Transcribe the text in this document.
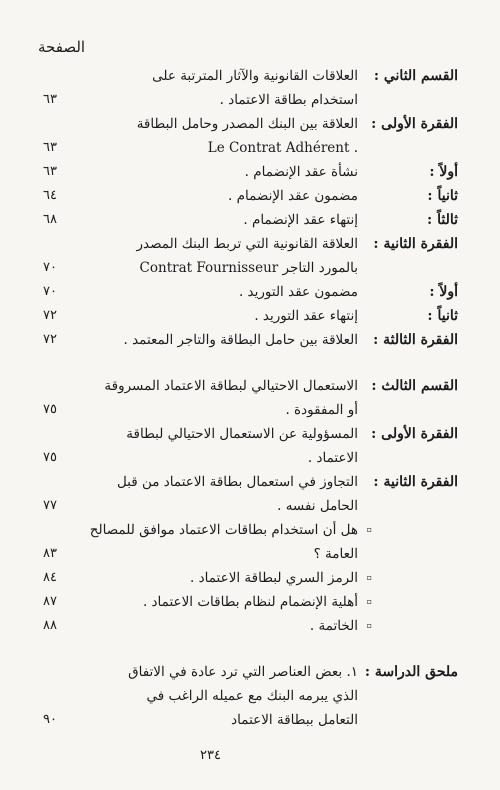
الصفحة
القسم الثاني :
العلاقات القانونية والآثار المترتبة على
استخدام بطاقة الاعتماد .
٦٣
الفقرة الأولى :
العلاقة بين البنك المصدر وحامل البطاقة
Le Contrat Adhérent .
٦٣
أولاً :
نشأة عقد الإنضمام .
٦٣
ثانياً :
مضمون عقد الإنضمام .
٦٤
ثالثاً :
إنتهاء عقد الإنضمام .
٦٨
الفقرة الثانية :
العلاقة القانونية التي تربط البنك المصدر
بالمورد التاجر Contrat Fournisseur
٧٠
أولاً :
مضمون عقد التوريد .
٧٠
ثانياً :
إنتهاء عقد التوريد .
٧٢
الفقرة الثالثة :
العلاقة بين حامل البطاقة والتاجر المعتمد .
٧٢
القسم الثالث :
الاستعمال الاحتيالي لبطاقة الاعتماد المسروقة
أو المفقودة .
٧٥
الفقرة الأولى :
المسؤولية عن الاستعمال الاحتيالي لبطاقة
الاعتماد .
٧٥
الفقرة الثانية :
التجاوز في استعمال بطاقة الاعتماد من قبل
الحامل نفسه .
٧٧
هل أن استخدام بطاقات الاعتماد موافق للمصالح ▫
العامة ؟
٨٣
الرمز السري لبطاقة الاعتماد . ▫
٨٤
أهلية الإنضمام لنظام بطاقات الاعتماد . ▫
٨٧
الخاتمة . ▫
٨٨
ملحق الدراسة :
١. بعض العناصر التي ترد عادة في الاتفاق
الذي يبرمه البنك مع عميله الراغب في
التعامل ببطاقة الاعتماد
٩٠
٢٣٤
